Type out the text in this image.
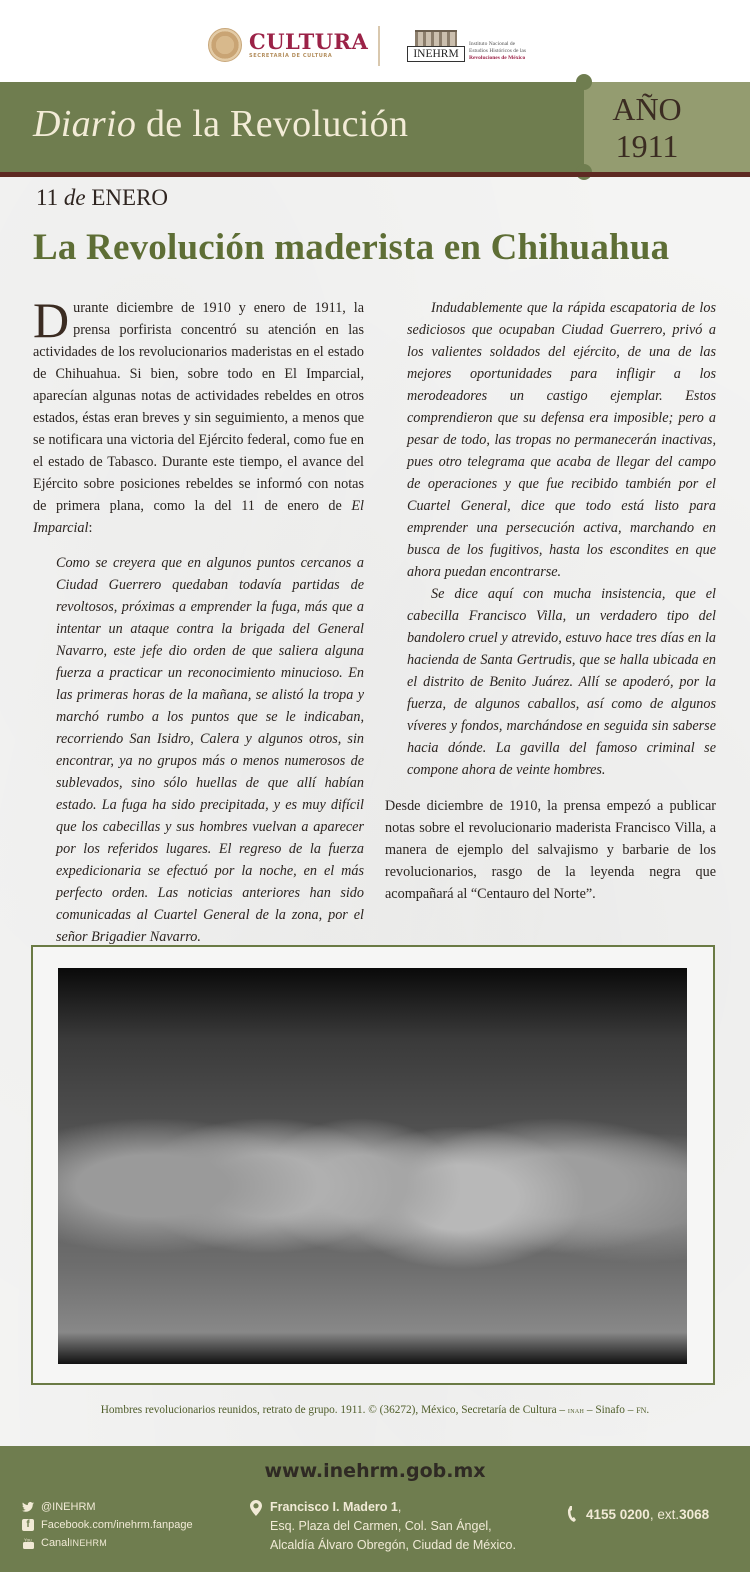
CULTURA
SECRETARÍA DE CULTURA	INEHRM
Instituto Nacional de
Estudios Históricos de las
Revoluciones de México
Diario de la Revolución	AÑO
1911
11 de ENERO
La Revolución maderista en Chihuahua

Durante diciembre de 1910 y enero de 1911, la prensa porfirista concentró su atención en las actividades de los revolucionarios maderistas en el estado de Chihuahua. Si bien, sobre todo en El Imparcial, aparecían algunas notas de actividades rebeldes en otros estados, éstas eran breves y sin seguimiento, a menos que se notificara una victoria del Ejército federal, como fue en el estado de Tabasco. Durante este tiempo, el avance del Ejército sobre posiciones rebeldes se informó con notas de primera plana, como la del 11 de enero de El Imparcial:

Como se creyera que en algunos puntos cercanos a Ciudad Guerrero quedaban todavía partidas de revoltosos, próximas a emprender la fuga, más que a intentar un ataque contra la brigada del General Navarro, este jefe dio orden de que saliera alguna fuerza a practicar un reconocimiento minucioso. En las primeras horas de la mañana, se alistó la tropa y marchó rumbo a los puntos que se le indicaban, recorriendo San Isidro, Calera y algunos otros, sin encontrar, ya no grupos más o menos numerosos de sublevados, sino sólo huellas de que allí habían estado. La fuga ha sido precipitada, y es muy difícil que los cabecillas y sus hombres vuelvan a aparecer por los referidos lugares. El regreso de la fuerza expedicionaria se efectuó por la noche, en el más perfecto orden. Las noticias anteriores han sido comunicadas al Cuartel General de la zona, por el señor Brigadier Navarro.

Indudablemente que la rápida escapatoria de los sediciosos que ocupaban Ciudad Guerrero, privó a los valientes soldados del ejército, de una de las mejores oportunidades para infligir a los merodeadores un castigo ejemplar. Estos comprendieron que su defensa era imposible; pero a pesar de todo, las tropas no permanecerán inactivas, pues otro telegrama que acaba de llegar del campo de operaciones y que fue recibido también por el Cuartel General, dice que todo está listo para emprender una persecución activa, marchando en busca de los fugitivos, hasta los escondites en que ahora puedan encontrarse.

Se dice aquí con mucha insistencia, que el cabecilla Francisco Villa, un verdadero tipo del bandolero cruel y atrevido, estuvo hace tres días en la hacienda de Santa Gertrudis, que se halla ubicada en el distrito de Benito Juárez. Allí se apoderó, por la fuerza, de algunos caballos, así como de algunos víveres y fondos, marchándose en seguida sin saberse hacia dónde. La gavilla del famoso criminal se compone ahora de veinte hombres.

Desde diciembre de 1910, la prensa empezó a publicar notas sobre el revolucionario maderista Francisco Villa, a manera de ejemplo del salvajismo y barbarie de los revolucionarios, rasgo de la leyenda negra que acompañará al “Centauro del Norte”.

Hombres revolucionarios reunidos, retrato de grupo. 1911. © (36272), México, Secretaría de Cultura – inah – Sinafo – fn.
www.inehrm.gob.mx
@INEHRM
f	Facebook.com/inehrm.fanpage
You Canal INEHRM
Francisco I. Madero 1,
Esq. Plaza del Carmen, Col. San Ángel,
Alcaldía Álvaro Obregón, Ciudad de México.
4155 0200 , ext. 3068
